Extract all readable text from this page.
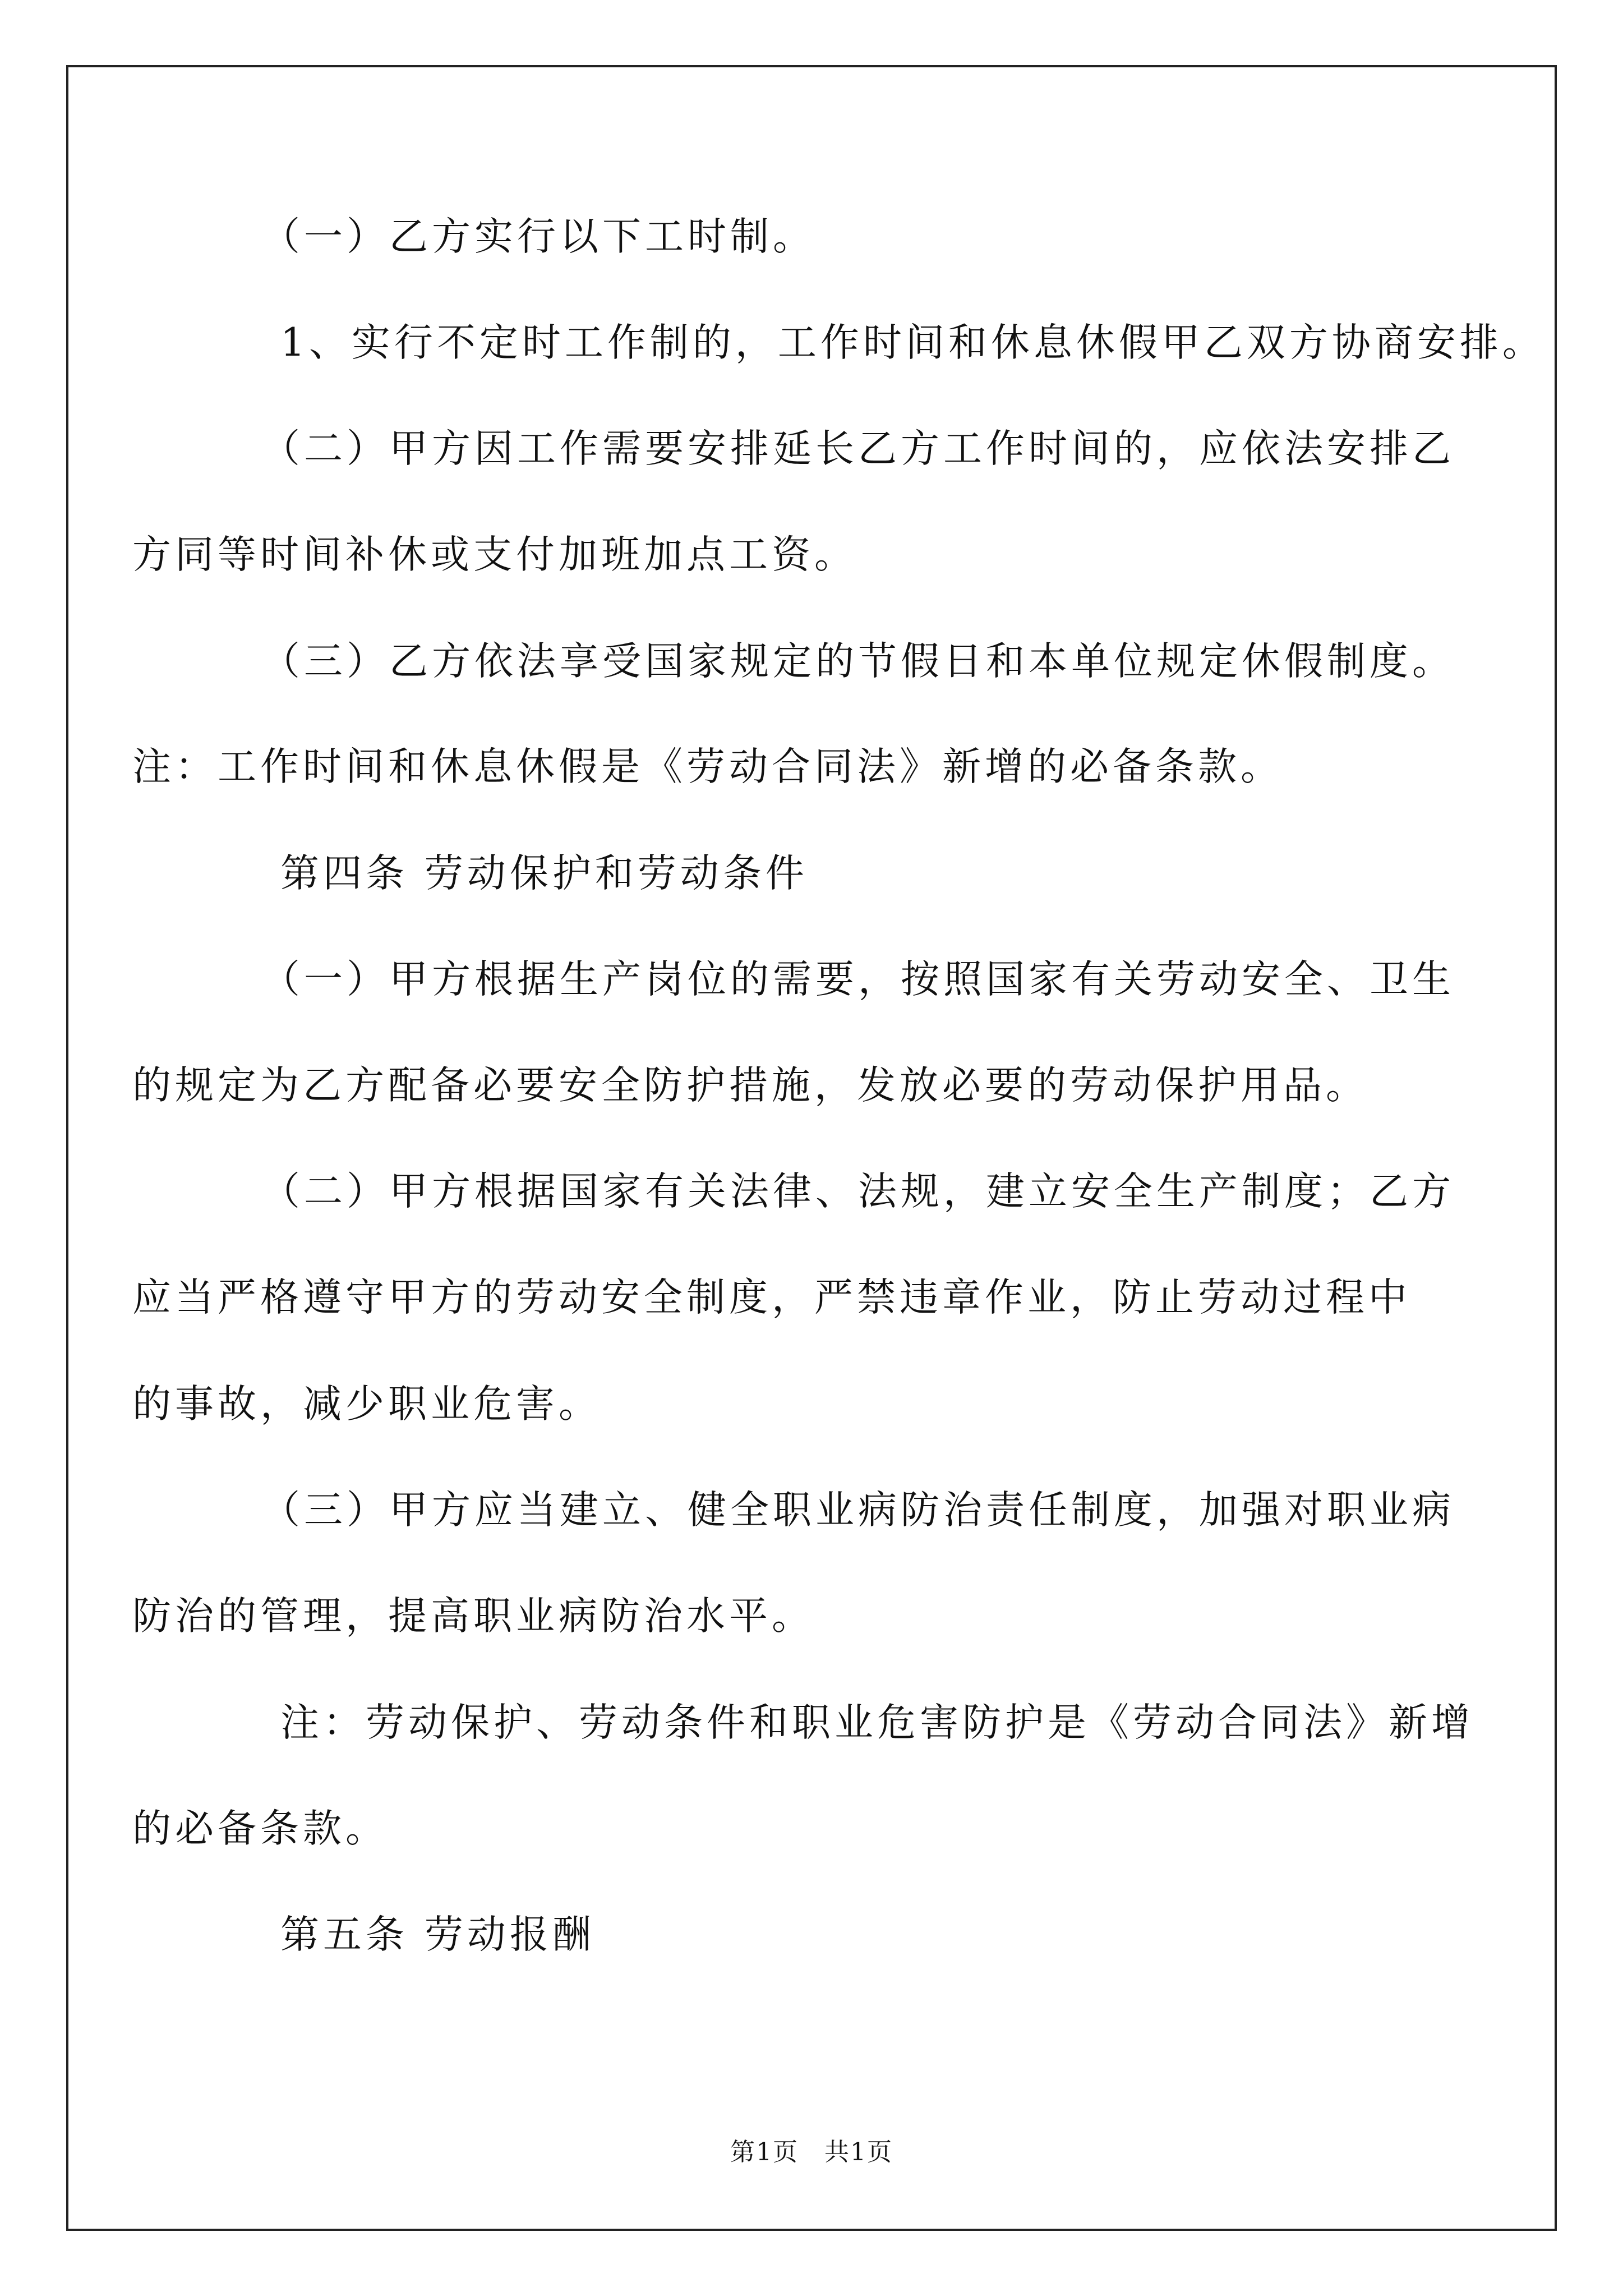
（一）乙方实行以下工时制。
1、实行不定时工作制的，工作时间和休息休假甲乙双方协商安排。
（二）甲方因工作需要安排延长乙方工作时间的，应依法安排乙
方同等时间补休或支付加班加点工资。
（三）乙方依法享受国家规定的节假日和本单位规定休假制度。
注：工作时间和休息休假是《劳动合同法》新增的必备条款。
第四条 劳动保护和劳动条件
（一）甲方根据生产岗位的需要，按照国家有关劳动安全、卫生
的规定为乙方配备必要安全防护措施，发放必要的劳动保护用品。
（二）甲方根据国家有关法律、法规，建立安全生产制度；乙方
应当严格遵守甲方的劳动安全制度，严禁违章作业，防止劳动过程中
的事故，减少职业危害。
（三）甲方应当建立、健全职业病防治责任制度，加强对职业病
防治的管理，提高职业病防治水平。
注：劳动保护、劳动条件和职业危害防护是《劳动合同法》新增
的必备条款。
第五条 劳动报酬
第1页　共1页
